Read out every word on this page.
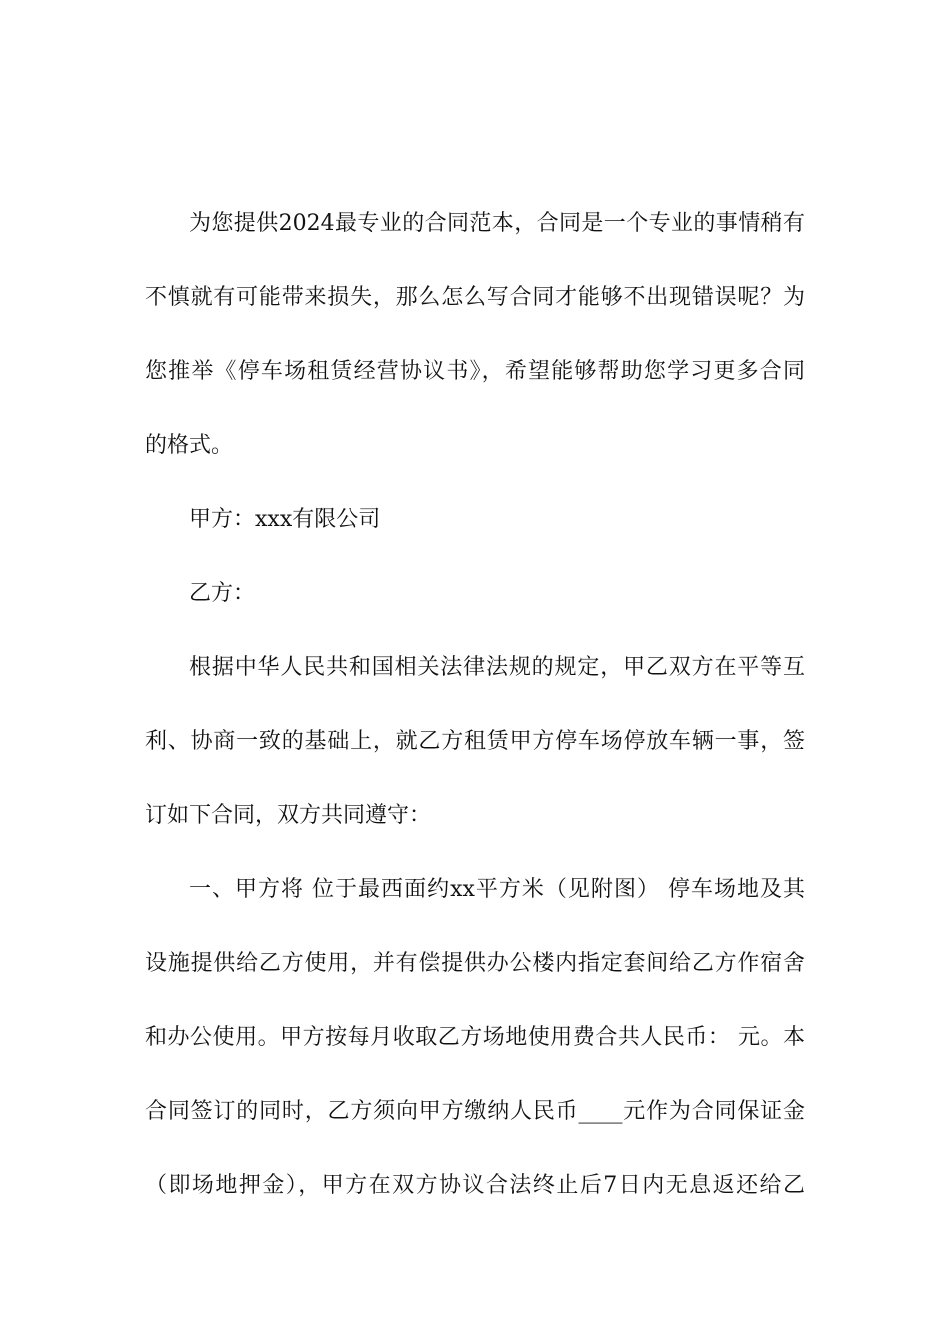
为您提供2024最专业的合同范本，合同是一个专业的事情稍有
不慎就有可能带来损失，那么怎么写合同才能够不出现错误呢？为
您推举《停车场租赁经营协议书》，希望能够帮助您学习更多合同
的格式。
甲方：xxx有限公司
乙方：
根据中华人民共和国相关法律法规的规定，甲乙双方在平等互
利、协商一致的基础上，就乙方租赁甲方停车场停放车辆一事，签
订如下合同，双方共同遵守：
一、甲方将 位于最西面约xx平方米（见附图） 停车场地及其
设施提供给乙方使用，并有偿提供办公楼内指定套间给乙方作宿舍
和办公使用。甲方按每月收取乙方场地使用费合共人民币： 元。本
合同签订的同时，乙方须向甲方缴纳人民币____元作为合同保证金
（即场地押金），甲方在双方协议合法终止后7日内无息返还给乙
